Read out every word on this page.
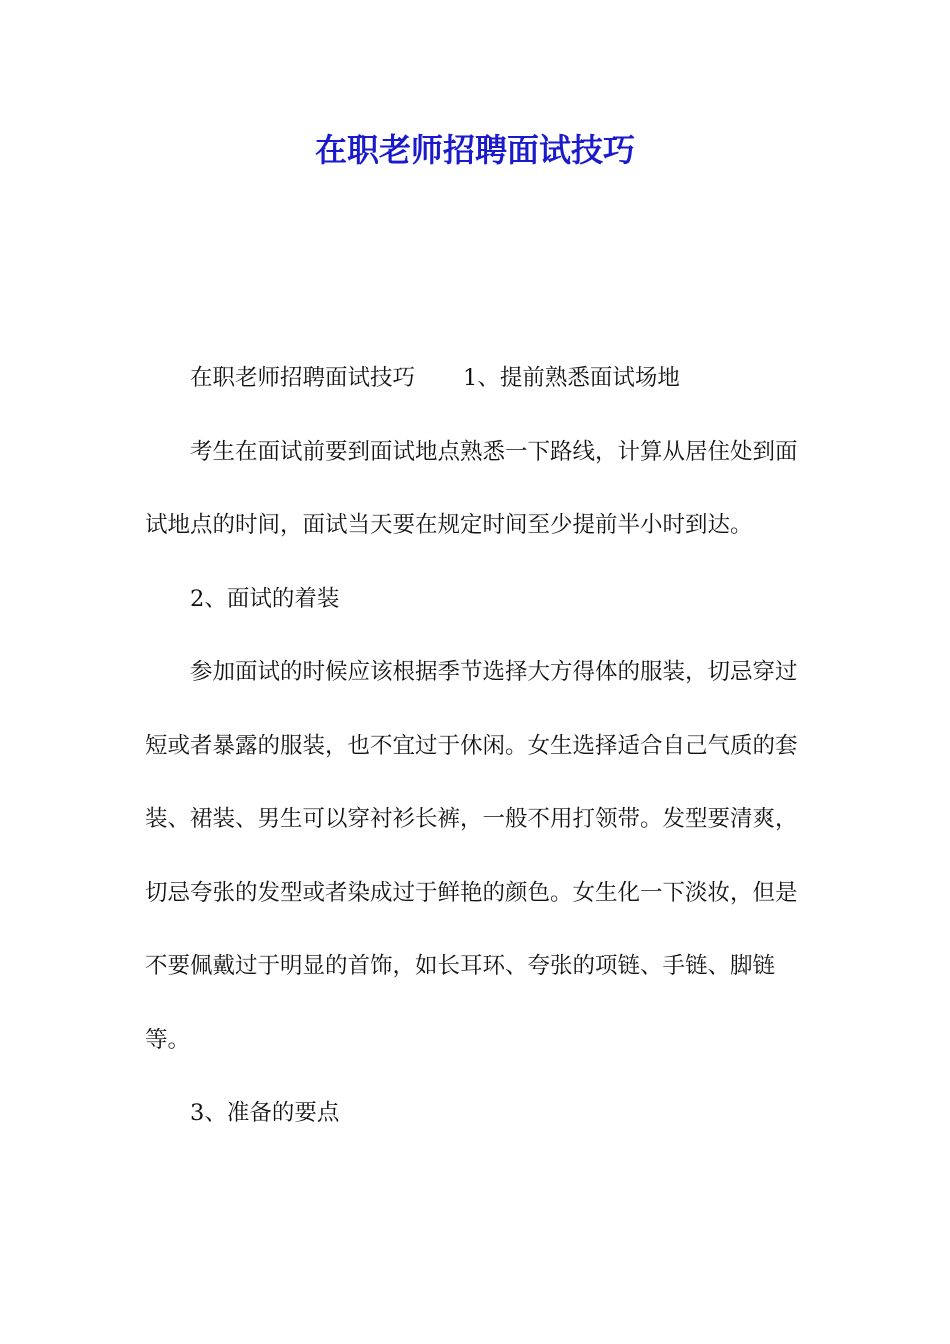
在职老师招聘面试技巧

在职老师招聘面试技巧 1、提前熟悉面试场地

考生在面试前要到面试地点熟悉一下路线，计算从居住处到面试地点的时间，面试当天要在规定时间至少提前半小时到达。

2、面试的着装

参加面试的时候应该根据季节选择大方得体的服装，切忌穿过短或者暴露的服装，也不宜过于休闲。女生选择适合自己气质的套装、裙装、男生可以穿衬衫长裤，一般不用打领带。发型要清爽，切忌夸张的发型或者染成过于鲜艳的颜色。女生化一下淡妆，但是不要佩戴过于明显的首饰，如长耳环、夸张的项链、手链、脚链等。

3、准备的要点
